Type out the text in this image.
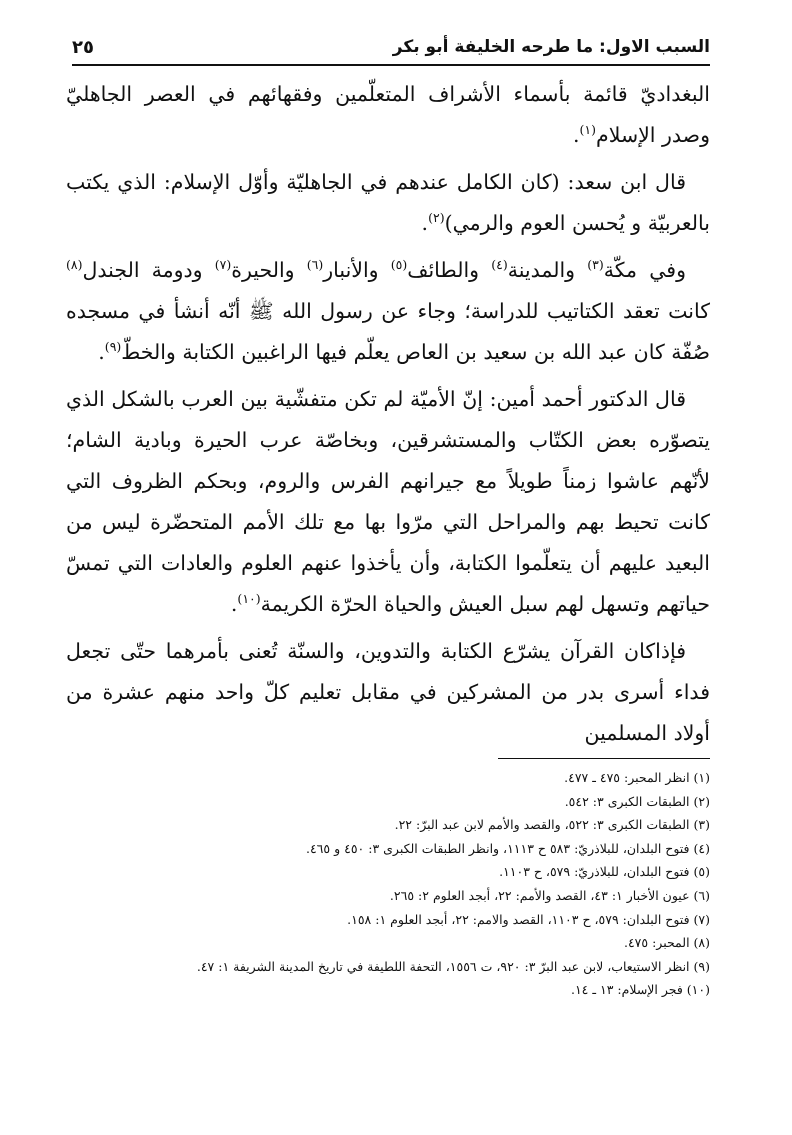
السبب الاول: ما طرحه الخليفة أبو بكر
٢٥

البغداديّ قائمة بأسماء الأشراف المتعلّمين وفقهائهم في العصر الجاهليّ وصدر الإسلام$^{(١)}$.

قال ابن سعد: (كان الكامل عندهم في الجاهليّة وأوّل الإسلام: الذي يكتب بالعربيّة و يُحسن العوم والرمي)$^{(٢)}$.

وفي مكّة$^{(٣)}$ والمدينة$^{(٤)}$ والطائف$^{(٥)}$ والأنبار$^{(٦)}$ والحيرة$^{(٧)}$ ودومة الجندل$^{(٨)}$ كانت تعقد الكتاتيب للدراسة؛ وجاء عن رسول الله ﷺ أنّه أنشأ في مسجده صُفّة كان عبد الله بن سعيد بن العاص يعلّم فيها الراغبين الكتابة والخطّ$^{(٩)}$.

قال الدكتور أحمد أمين: إنّ الأميّة لم تكن متفشّية بين العرب بالشكل الذي يتصوّره بعض الكتّاب والمستشرقين، وبخاصّة عرب الحيرة وبادية الشام؛ لأنّهم عاشوا زمناً طويلاً مع جيرانهم الفرس والروم، وبحكم الظروف التي كانت تحيط بهم والمراحل التي مرّوا بها مع تلك الأمم المتحضّرة ليس من البعيد عليهم أن يتعلّموا الكتابة، وأن يأخذوا عنهم العلوم والعادات التي تمسّ حياتهم وتسهل لهم سبل العيش والحياة الحرّة الكريمة$^{(١٠)}$.

فإذاكان القرآن يشرّع الكتابة والتدوين، والسنّة تُعنى بأمرهما حتّى تجعل فداء أسرى بدر من المشركين في مقابل تعليم كلّ واحد منهم عشرة من أولاد المسلمين

(١) انظر المحبر: ٤٧٥ ـ ٤٧٧.
(٢) الطبقات الكبرى ٣: ٥٤٢.
(٣) الطبقات الكبرى ٣: ٥٢٢، والقصد والأمم لابن عبد البرّ: ٢٢.
(٤) فتوح البلدان، للبلاذريّ: ٥٨٣ ح ١١١٣، وانظر الطبقات الكبرى ٣: ٤٥٠ و ٤٦٥.
(٥) فتوح البلدان، للبلاذريّ: ٥٧٩، ح ١١٠٣.
(٦) عيون الأخبار ١: ٤٣، القصد والأمم: ٢٢، أبجد العلوم ٢: ٢٦٥.
(٧) فتوح البلدان: ٥٧٩، ح ١١٠٣، القصد والامم: ٢٢، أبجد العلوم ١: ١٥٨.
(٨) المحبر: ٤٧٥.
(٩) انظر الاستيعاب، لابن عبد البرّ ٣: ٩٢٠، ت ١٥٥٦، التحفة اللطيفة في تاريخ المدينة الشريفة ١: ٤٧.
(١٠) فجر الإسلام: ١٣ ـ ١٤.
